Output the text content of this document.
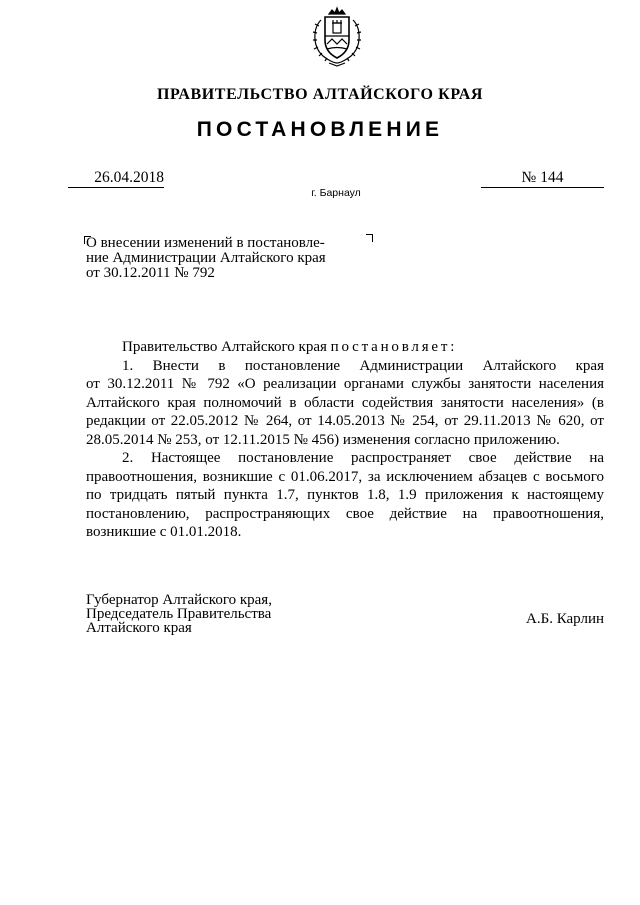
ПРАВИТЕЛЬСТВО АЛТАЙСКОГО КРАЯ
ПОСТАНОВЛЕНИЕ
26.04.2018	№ 144
г. Барнаул
О внесении изменений в постановле-
ние Администрации Алтайского края
от 30.12.2011 № 792

Правительство Алтайского края постановляет:

1. Внести в постановление Администрации Алтайского края

от 30.12.2011 № 792 «О реализации органами службы занятости населения Алтайского края полномочий в области содействия занятости населения» (в редакции от 22.05.2012 № 264, от 14.05.2013 № 254, от 29.11.2013 № 620, от 28.05.2014 № 253, от 12.11.2015 № 456) изменения согласно приложению.

2. Настоящее постановление распространяет свое действие на правоотношения, возникшие с 01.06.2017, за исключением абзацев с восьмого по тридцать пятый пункта 1.7, пунктов 1.8, 1.9 приложения к настоящему постановлению, распространяющих свое действие на правоотношения, возникшие с 01.01.2018.

Губернатор Алтайского края,
Председатель Правительства
Алтайского края
А.Б. Карлин
